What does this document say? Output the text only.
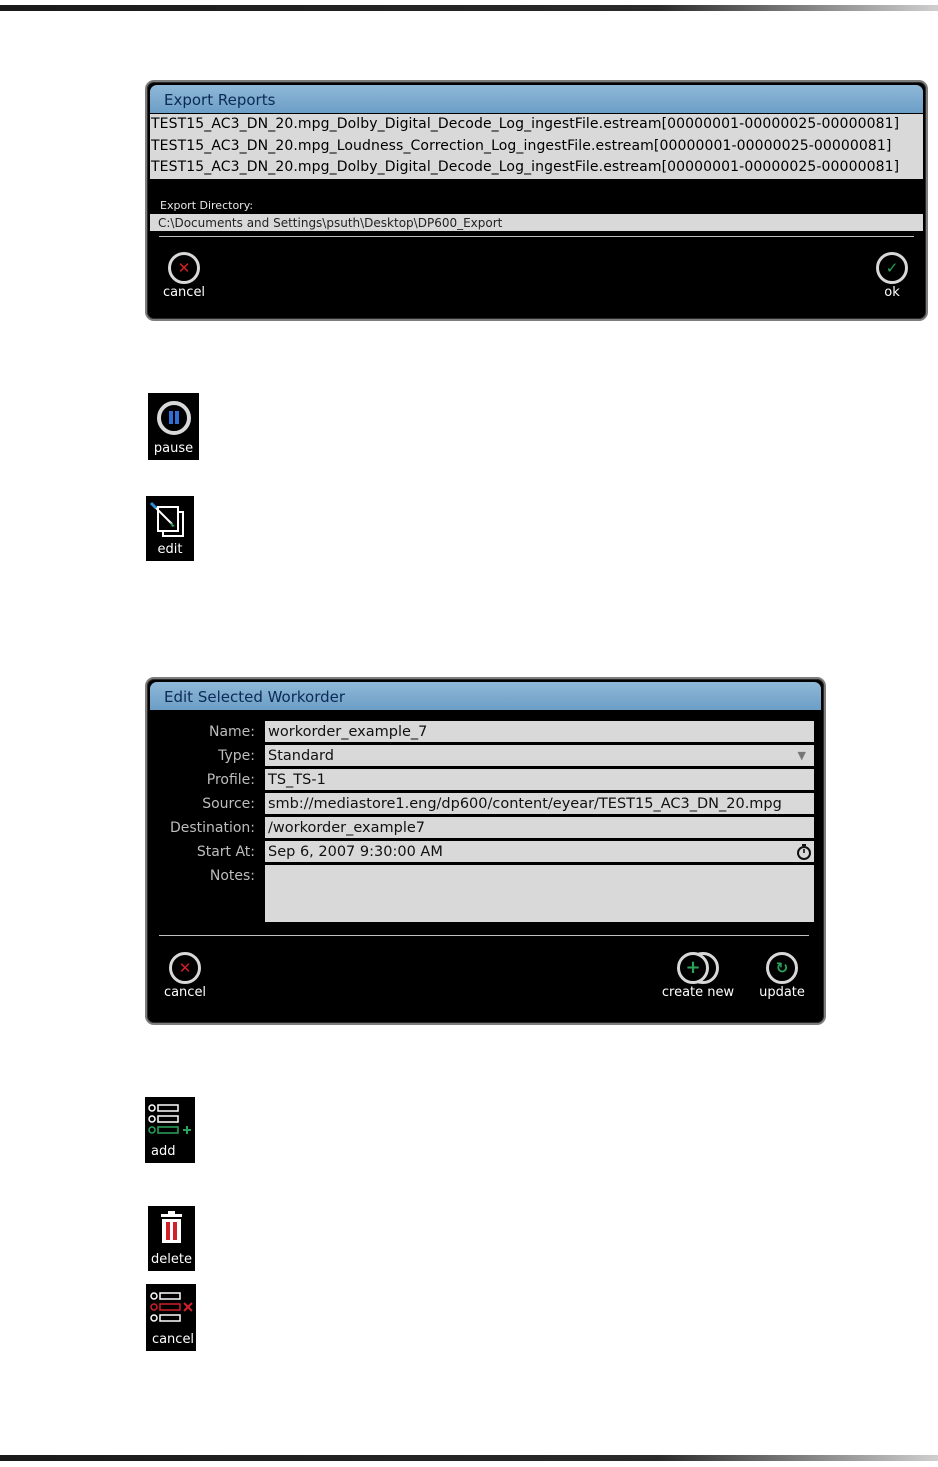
Export Reports
TEST15_AC3_DN_20.mpg_Dolby_Digital_Decode_Log_ingestFile.estream[00000001-00000025-00000081]
TEST15_AC3_DN_20.mpg_Loudness_Correction_Log_ingestFile.estream[00000001-00000025-00000081]
TEST15_AC3_DN_20.mpg_Dolby_Digital_Decode_Log_ingestFile.estream[00000001-00000025-00000081]
Export Directory:
C:\Documents and Settings\psuth\Desktop\DP600_Export
✕
cancel
✓
ok
pause
edit
Edit Selected Workorder
Name: workorder_example_7
Type: Standard	▼
Profile: TS_TS-1
Source: smb://mediastore1.eng/dp600/content/eyear/TEST15_AC3_DN_20.mpg
Destination: /workorder_example7
Start At: Sep 6, 2007 9:30:00 AM
Notes:
✕
cancel
+
create new
↻
update
add
delete
cancel
